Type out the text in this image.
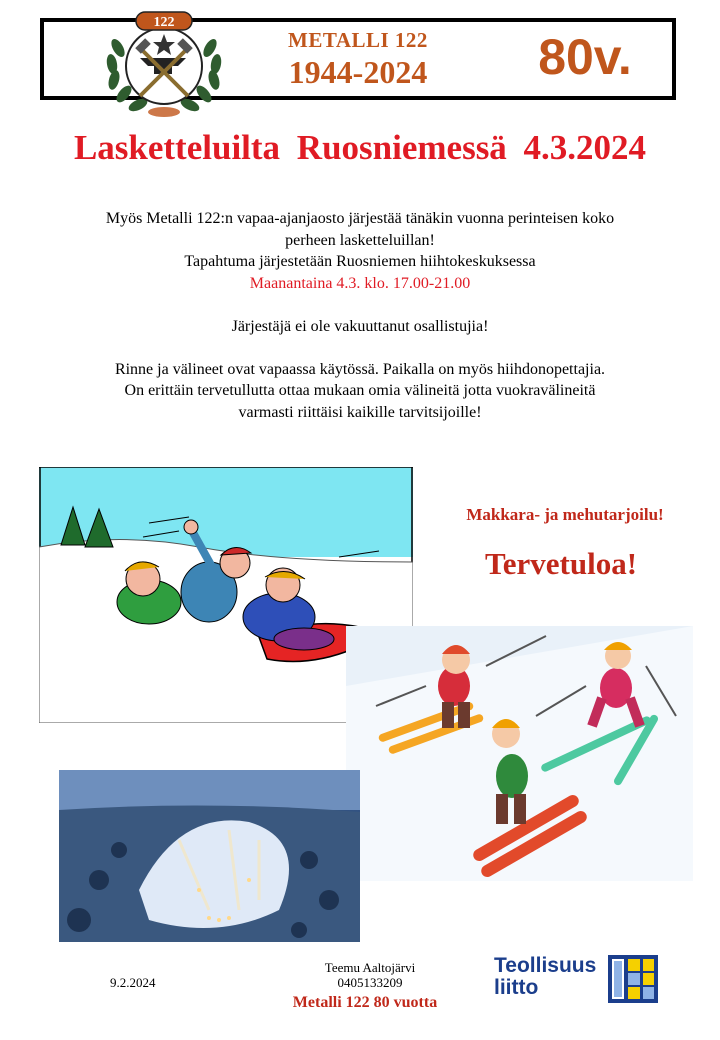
122
METALLI 122
1944-2024	80v.
Lasketteluilta Ruosniemessä 4.3.2024
Myös Metalli 122:n vapaa-ajanjaosto järjestää tänäkin vuonna perinteisen koko
perheen lasketteluillan!
Tapahtuma järjestetään Ruosniemen hiihtokeskuksessa
Maanantaina 4.3. klo. 17.00-21.00
Järjestäjä ei ole vakuuttanut osallistujia!
Rinne ja välineet ovat vapaassa käytössä. Paikalla on myös hiihdonopettajia.
On erittäin tervetullutta ottaa mukaan omia välineitä jotta vuokravälineitä
varmasti riittäisi kaikille tarvitsijoille!
Makkara- ja mehutarjoilu!
Tervetuloa!
9.2.2024
Teemu Aaltojärvi
0405133209
Metalli 122 80 vuotta
Teollisuus
liitto
